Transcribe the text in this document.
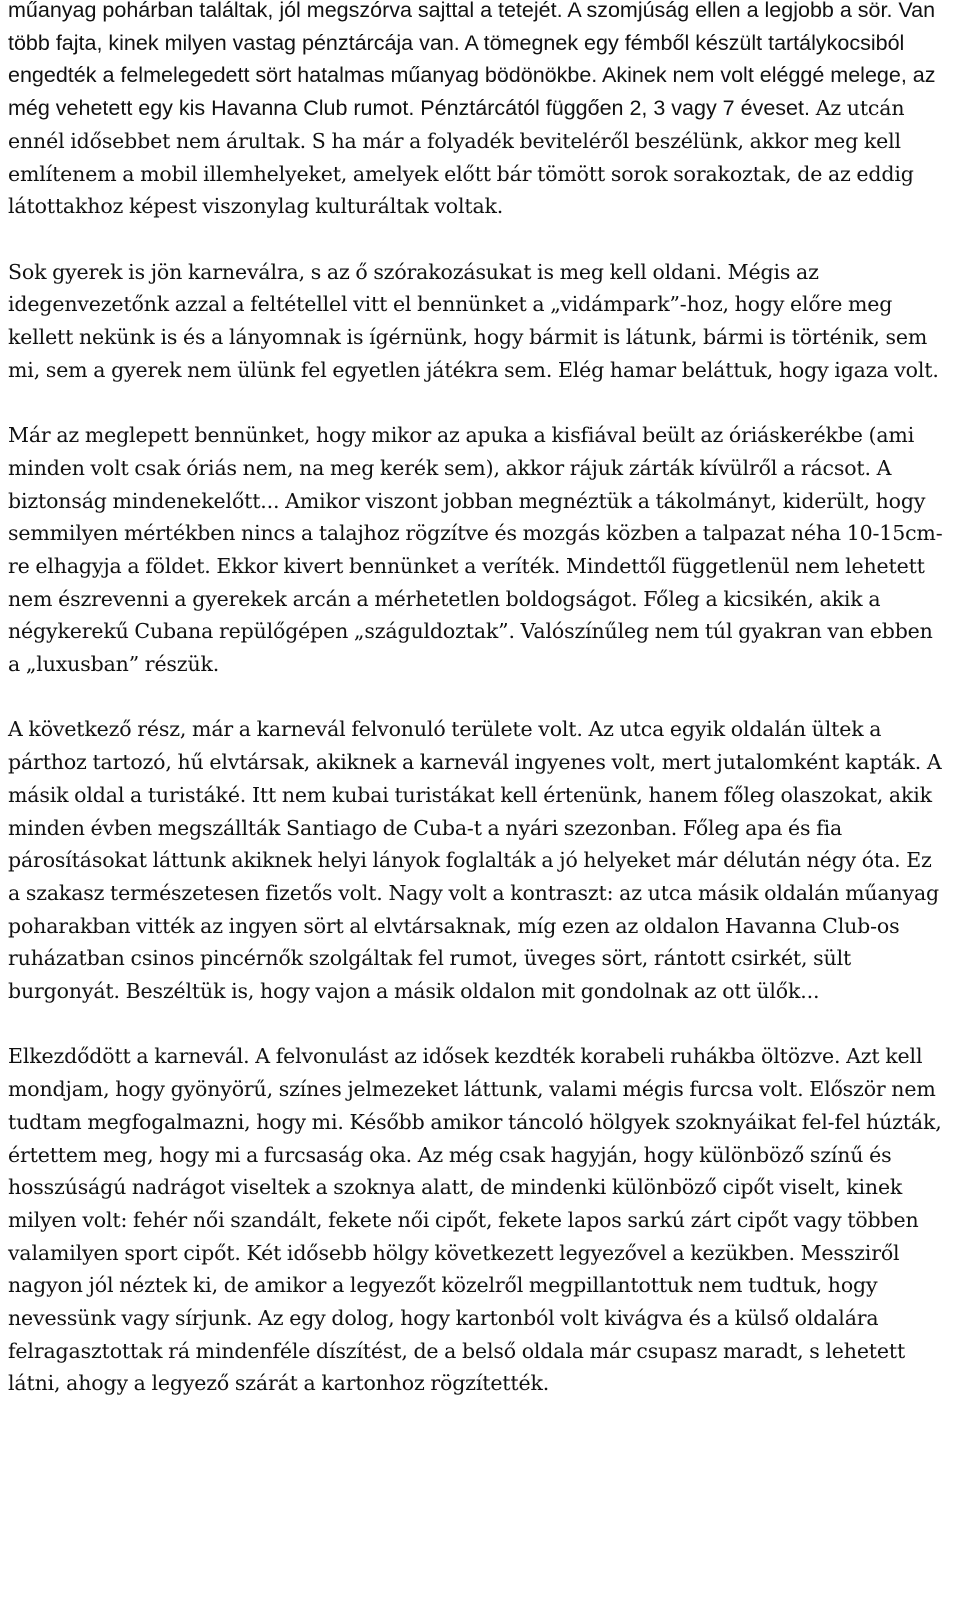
műanyag pohárban találtak, jól megszórva sajttal a tetejét. A szomjúság ellen a legjobb a sör. Van több fajta, kinek milyen vastag pénztárcája van. A tömegnek egy fémből készült tartálykocsiból engedték a felmelegedett sört hatalmas műanyag bödönökbe. Akinek nem volt eléggé melege, az még vehetett egy kis Havanna Club rumot. Pénztárcától függően 2, 3 vagy 7 éveset. Az utcán ennél idősebbet nem árultak. S ha már a folyadék beviteléről beszélünk, akkor meg kell említenem a mobil illemhelyeket, amelyek előtt bár tömött sorok sorakoztak, de az eddig látottakhoz képest viszonylag kulturáltak voltak.

Sok gyerek is jön karneválra, s az ő szórakozásukat is meg kell oldani. Mégis az idegenvezetőnk azzal a feltétellel vitt el bennünket a „vidámpark”-hoz, hogy előre meg kellett nekünk is és a lányomnak is ígérnünk, hogy bármit is látunk, bármi is történik, sem mi, sem a gyerek nem ülünk fel egyetlen játékra sem. Elég hamar beláttuk, hogy igaza volt.

Már az meglepett bennünket, hogy mikor az apuka a kisfiával beült az óriáskerékbe (ami minden volt csak óriás nem, na meg kerék sem), akkor rájuk zárták kívülről a rácsot. A biztonság mindenekelőtt... Amikor viszont jobban megnéztük a tákolmányt, kiderült, hogy semmilyen mértékben nincs a talajhoz rögzítve és mozgás közben a talpazat néha 10-15cm-re elhagyja a földet. Ekkor kivert bennünket a veríték. Mindettől függetlenül nem lehetett nem észrevenni a gyerekek arcán a mérhetetlen boldogságot. Főleg a kicsikén, akik a négykerekű Cubana repülőgépen „száguldoztak”. Valószínűleg nem túl gyakran van ebben a „luxusban” részük.

A következő rész, már a karnevál felvonuló területe volt. Az utca egyik oldalán ültek a párthoz tartozó, hű elvtársak, akiknek a karnevál ingyenes volt, mert jutalomként kapták. A másik oldal a turistáké. Itt nem kubai turistákat kell értenünk, hanem főleg olaszokat, akik minden évben megszállták Santiago de Cuba-t a nyári szezonban. Főleg apa és fia párosításokat láttunk akiknek helyi lányok foglalták a jó helyeket már délután négy óta. Ez a szakasz természetesen fizetős volt. Nagy volt a kontraszt: az utca másik oldalán műanyag poharakban vitték az ingyen sört al elvtársaknak, míg ezen az oldalon Havanna Club-os ruházatban csinos pincérnők szolgáltak fel rumot, üveges sört, rántott csirkét, sült burgonyát. Beszéltük is, hogy vajon a másik oldalon mit gondolnak az ott ülők...

Elkezdődött a karnevál. A felvonulást az idősek kezdték korabeli ruhákba öltözve. Azt kell mondjam, hogy gyönyörű, színes jelmezeket láttunk, valami mégis furcsa volt. Először nem tudtam megfogalmazni, hogy mi. Később amikor táncoló hölgyek szoknyáikat fel-fel húzták, értettem meg, hogy mi a furcsaság oka. Az még csak hagyján, hogy különböző színű és hosszúságú nadrágot viseltek a szoknya alatt, de mindenki különböző cipőt viselt, kinek milyen volt: fehér női szandált, fekete női cipőt, fekete lapos sarkú zárt cipőt vagy többen valamilyen sport cipőt. Két idősebb hölgy következett legyezővel a kezükben. Messziről nagyon jól néztek ki, de amikor a legyezőt közelről megpillantottuk nem tudtuk, hogy nevessünk vagy sírjunk. Az egy dolog, hogy kartonból volt kivágva és a külső oldalára felragasztottak rá mindenféle díszítést, de a belső oldala már csupasz maradt, s lehetett látni, ahogy a legyező szárát a kartonhoz rögzítették.
